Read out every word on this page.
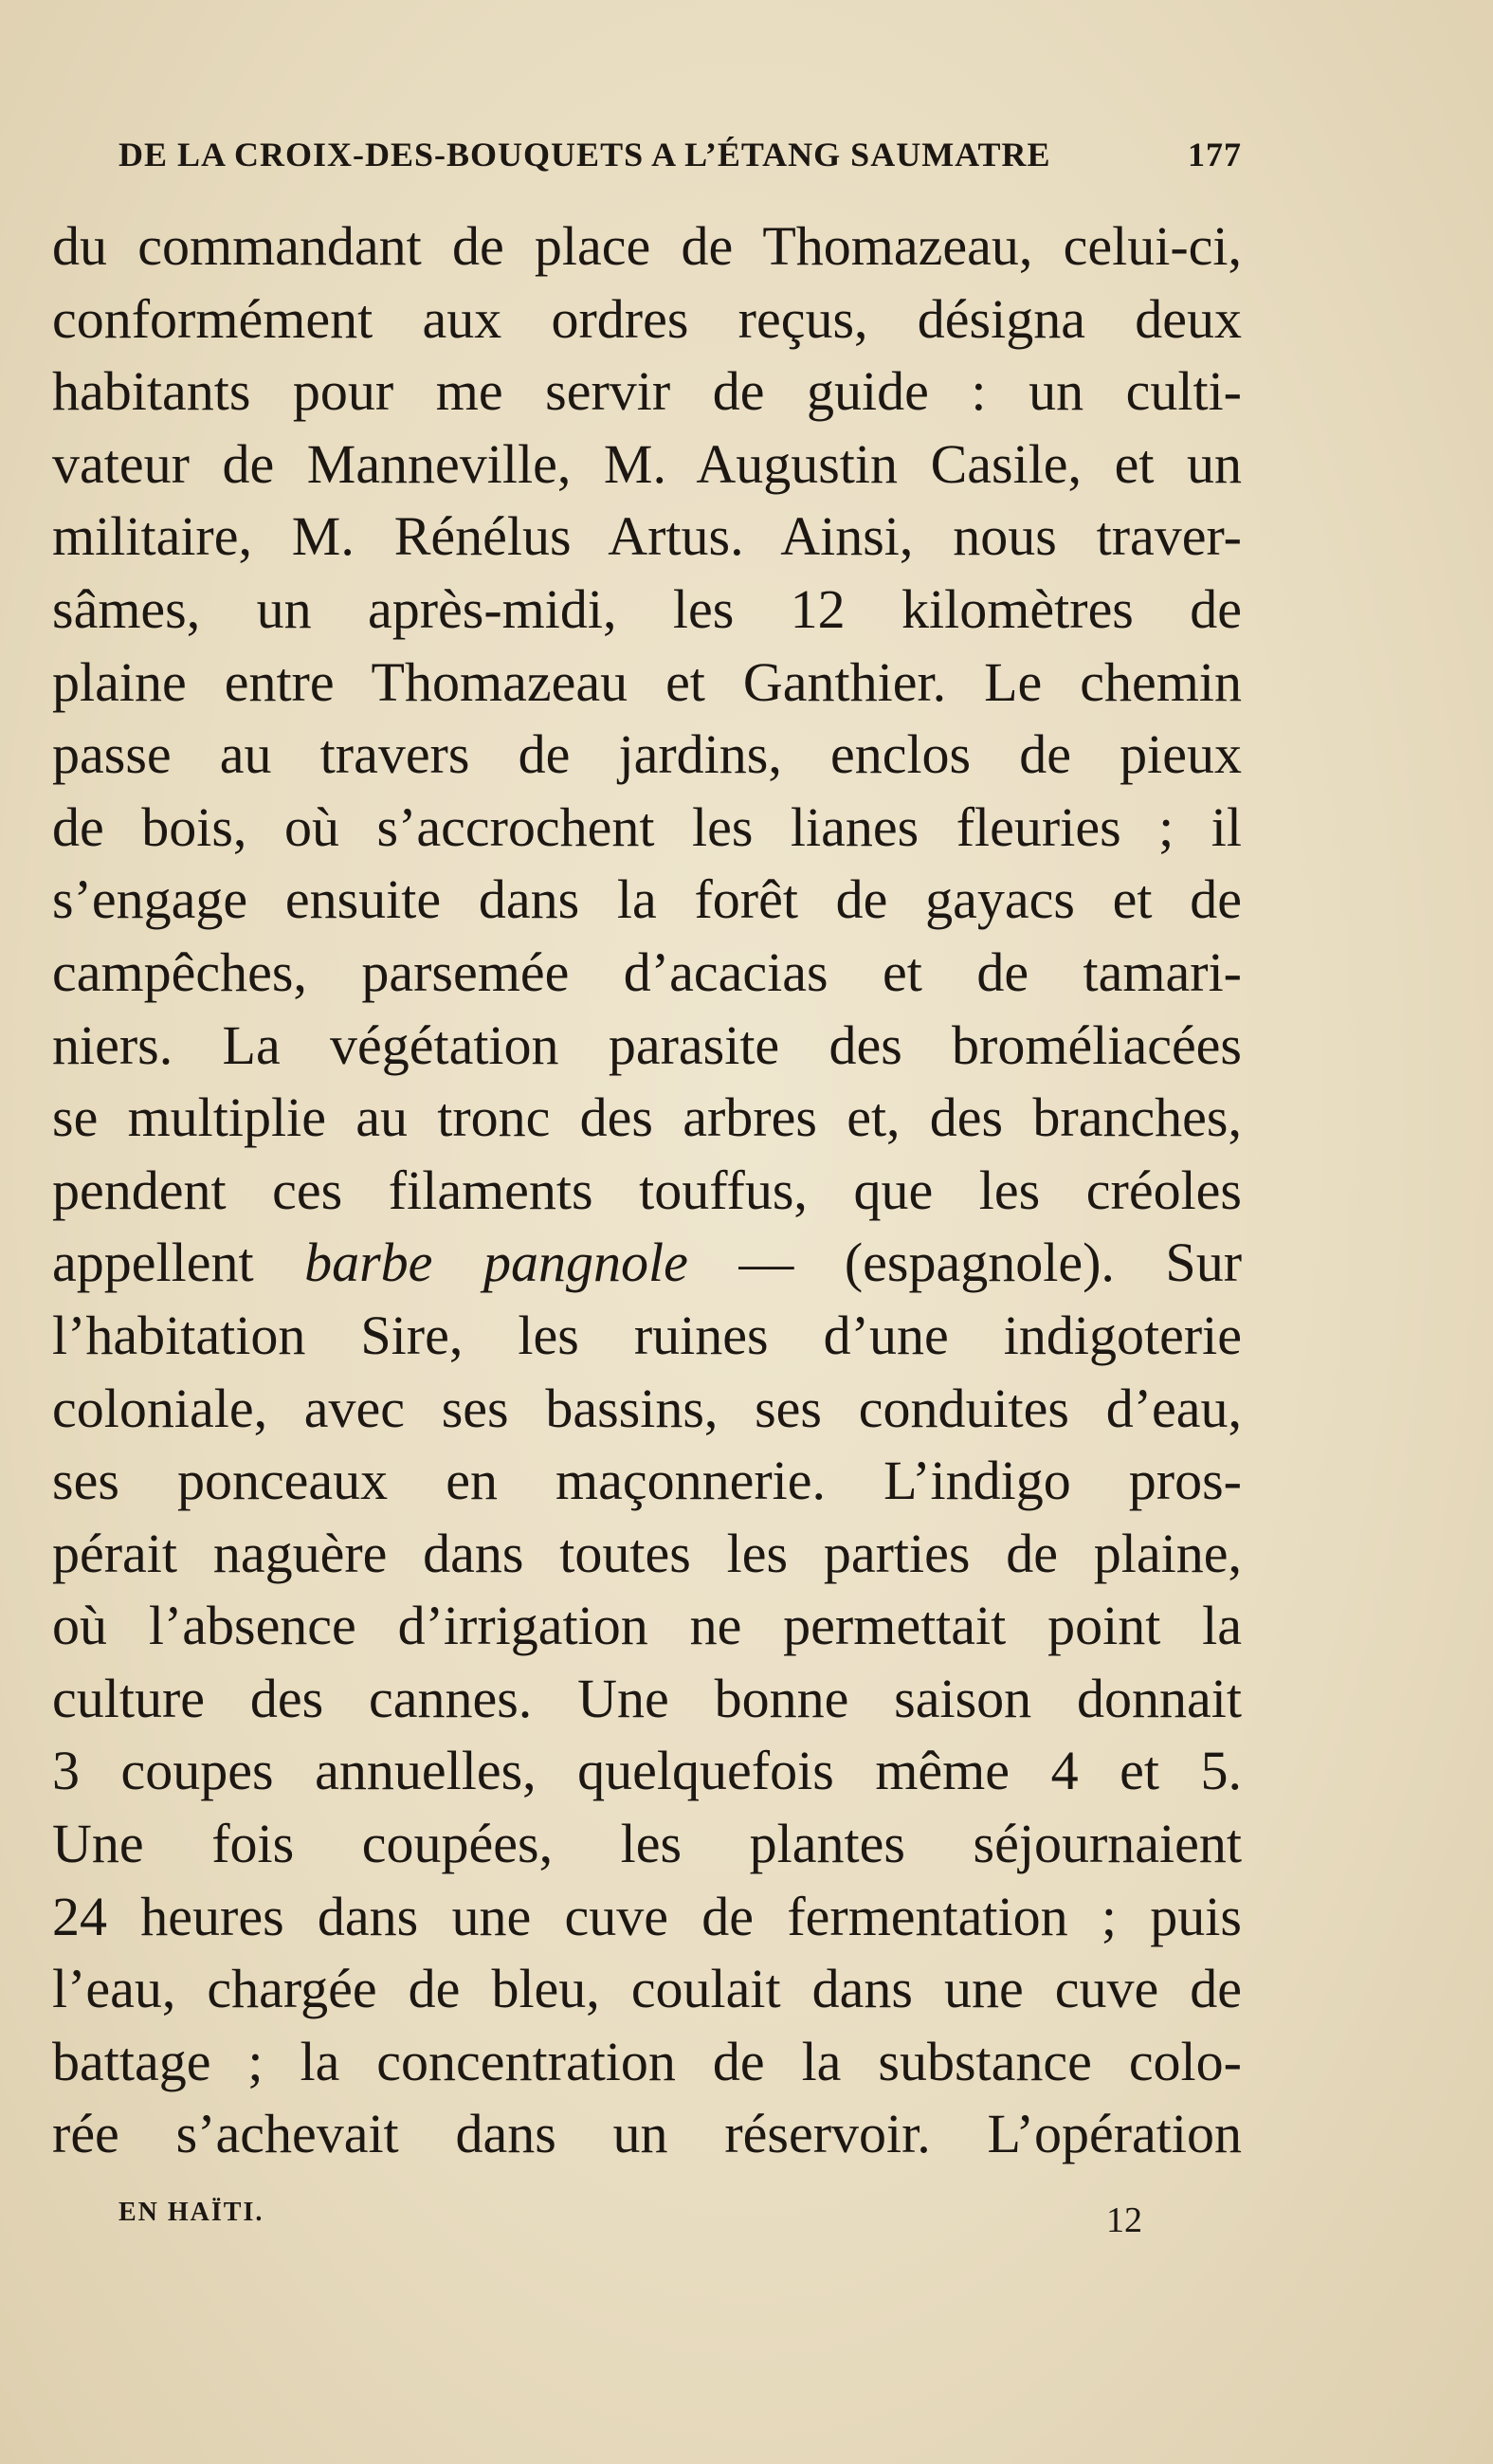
DE LA CROIX-DES-BOUQUETS A L’ÉTANG SAUMATRE	177
du commandant de place de Thomazeau, celui-ci,
conformément aux ordres reçus, désigna deux
habitants pour me servir de guide : un culti-
vateur de Manneville, M. Augustin Casile, et un
militaire, M. Rénélus Artus. Ainsi, nous traver-
sâmes, un après-midi, les 12 kilomètres de
plaine entre Thomazeau et Ganthier. Le chemin
passe au travers de jardins, enclos de pieux
de bois, où s’accrochent les lianes fleuries ; il
s’engage ensuite dans la forêt de gayacs et de
campêches, parsemée d’acacias et de tamari-
niers. La végétation parasite des broméliacées
se multiplie au tronc des arbres et, des branches,
pendent ces filaments touffus, que les créoles
appellent barbe pangnole — (espagnole). Sur
l’habitation Sire, les ruines d’une indigoterie
coloniale, avec ses bassins, ses conduites d’eau,
ses ponceaux en maçonnerie. L’indigo pros-
pérait naguère dans toutes les parties de plaine,
où l’absence d’irrigation ne permettait point la
culture des cannes. Une bonne saison donnait
3 coupes annuelles, quelquefois même 4 et 5.
Une fois coupées, les plantes séjournaient
24 heures dans une cuve de fermentation ; puis
l’eau, chargée de bleu, coulait dans une cuve de
battage ; la concentration de la substance colo-
rée s’achevait dans un réservoir. L’opération
EN HAÏTI.	12
